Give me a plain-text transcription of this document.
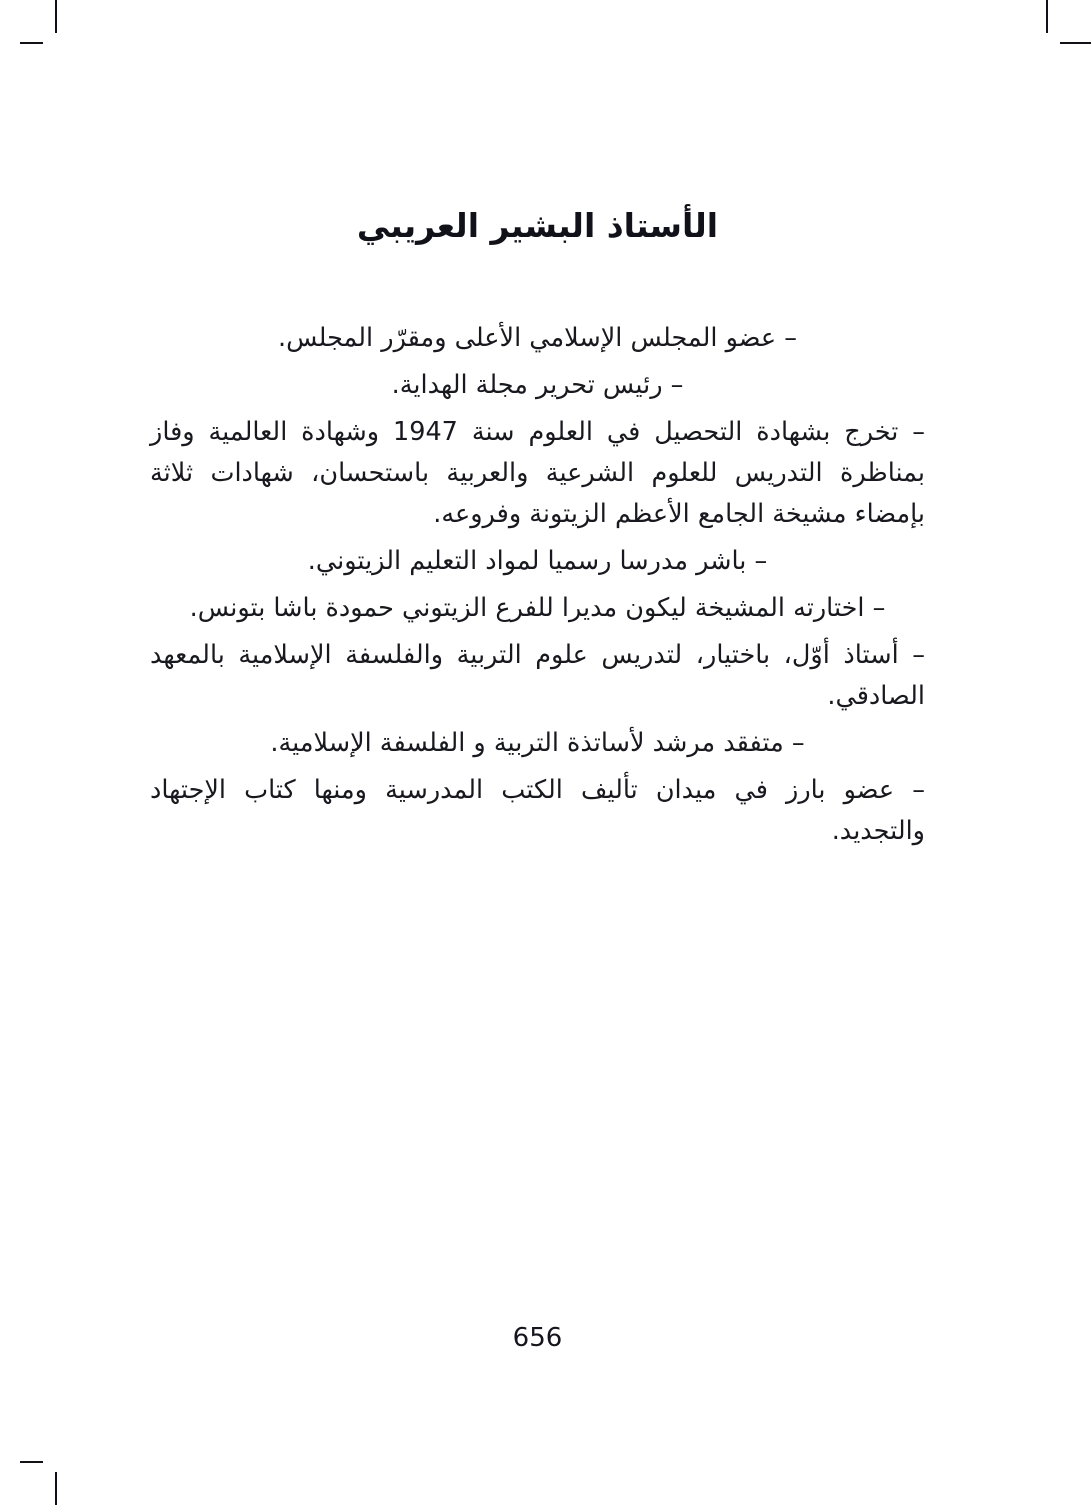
الأستاذ البشير العريبي

– عضو المجلس الإسلامي الأعلى ومقرّر المجلس.

– رئيس تحرير مجلة الهداية.

– تخرج بشهادة التحصيل في العلوم سنة 1947 وشهادة العالمية وفاز بمناظرة التدريس للعلوم الشرعية والعربية باستحسان، شهادات ثلاثة بإمضاء مشيخة الجامع الأعظم الزيتونة وفروعه.

– باشر مدرسا رسميا لمواد التعليم الزيتوني.

– اختارته المشيخة ليكون مديرا للفرع الزيتوني حمودة باشا بتونس.

– أستاذ أوّل، باختيار، لتدريس علوم التربية والفلسفة الإسلامية بالمعهد الصادقي.

– متفقد مرشد لأساتذة التربية و الفلسفة الإسلامية.

– عضو بارز في ميدان تأليف الكتب المدرسية ومنها كتاب الإجتهاد والتجديد.

656
